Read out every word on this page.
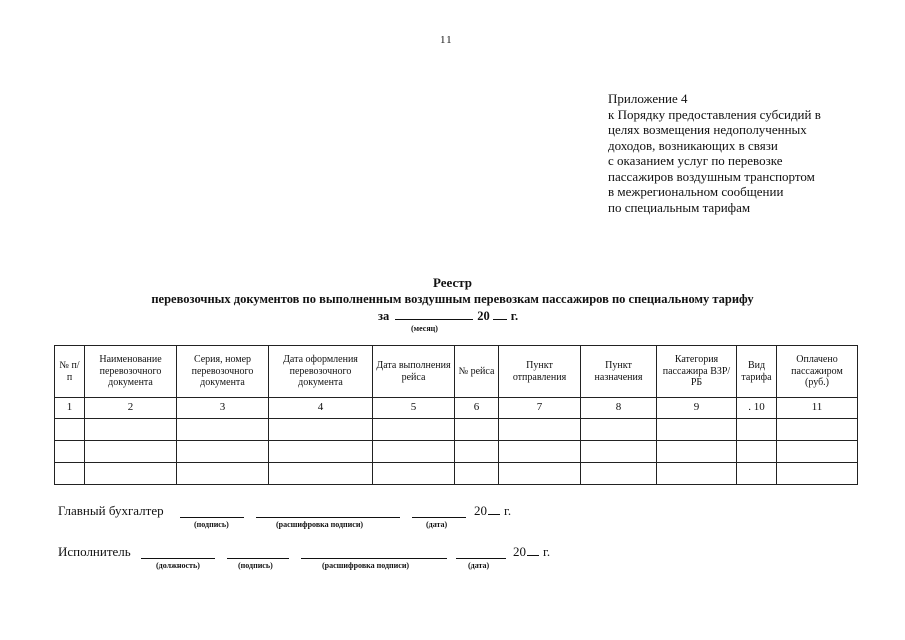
11
Приложение 4
к Порядку предоставления субсидий в
целях возмещения недополученных
доходов, возникающих в связи
с оказанием услуг по перевозке
пассажиров воздушным транспортом
в межрегиональном сообщении
по специальным тарифам
Реестр
перевозочных документов по выполненным воздушным перевозкам пассажиров по специальному тарифу
за	20 г.
(месяц)
№ п/п	Наименование перевозочного документа	Серия, номер перевозочного документа	Дата оформления перевозочного документа	Дата выполнения рейса	№ рейса	Пункт отправления	Пункт назначения	Категория пассажира ВЗР/РБ	Вид тарифа	Оплачено пассажиром (руб.)
1	2	3	4	5	6	7	8	9	. 10	11

Главный бухгалтер	20 г.
(подпись)	(расшифровка подписи)	(дата)
Исполнитель	20 г.
(должность)	(подпись)	(расшифровка подписи)	(дата)
